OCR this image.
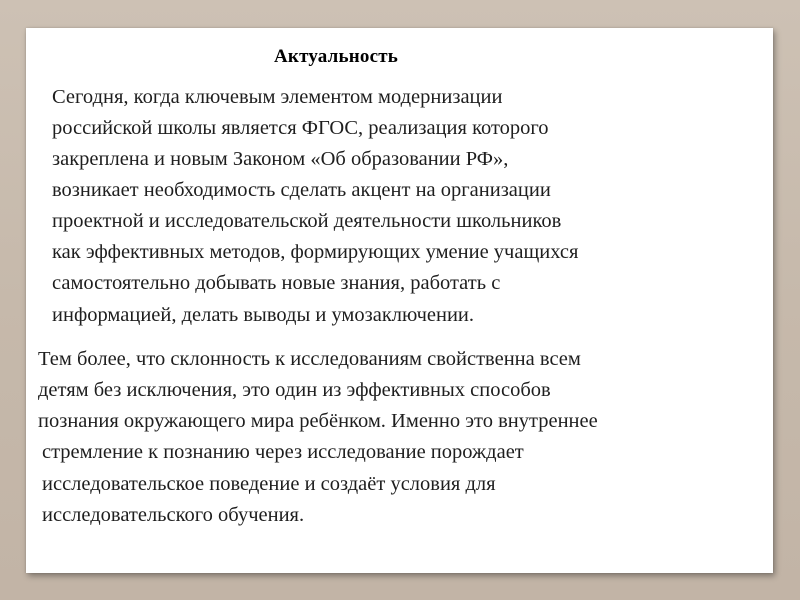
Актуальность
Сегодня, когда ключевым элементом модернизации
российской школы является ФГОС, реализация которого
закреплена и новым Законом «Об образовании РФ»,
возникает необходимость сделать акцент на организации
проектной и исследовательской деятельности школьников
как эффективных методов, формирующих умение учащихся
самостоятельно добывать новые знания, работать с
информацией, делать выводы и умозаключении.
Тем более, что склонность к исследованиям свойственна всем
детям без исключения, это один из эффективных способов
познания окружающего мира ребёнком. Именно это внутреннее
стремление к познанию через исследование порождает
исследовательское поведение и создаёт условия для
исследовательского обучения.
